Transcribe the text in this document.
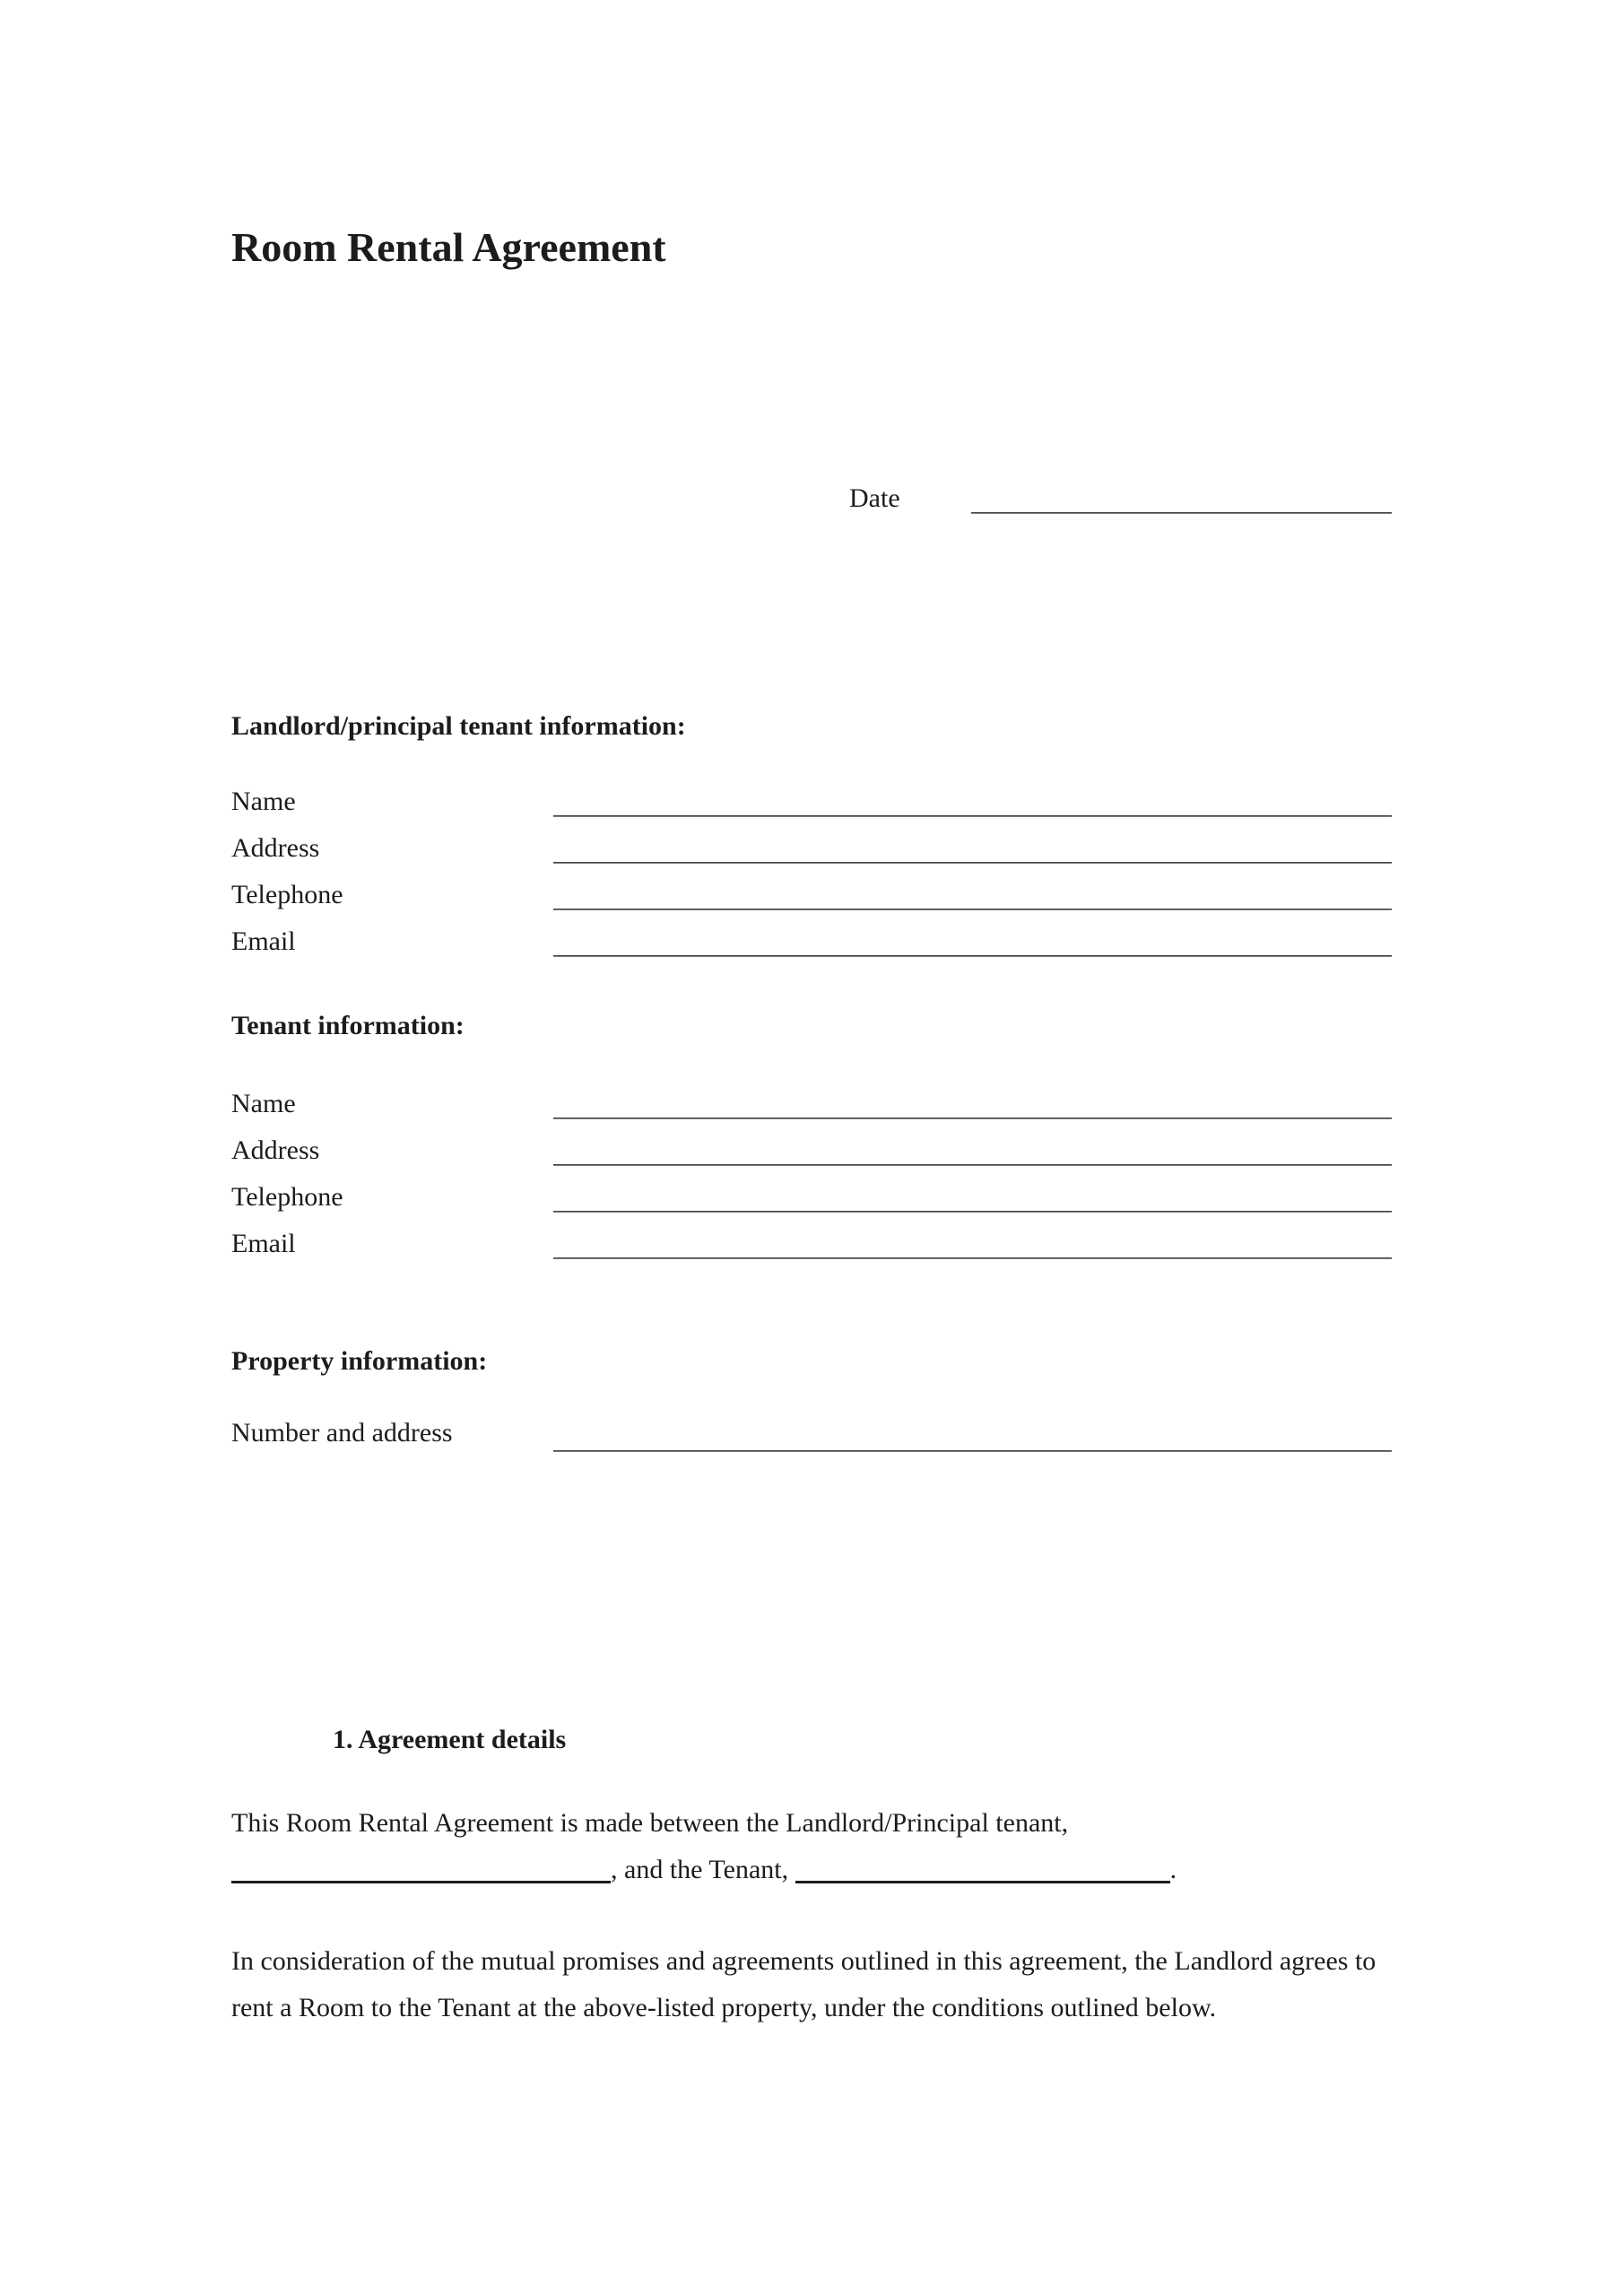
Room Rental Agreement
Date
Landlord/principal tenant information:
Name
Address
Telephone
Email
Tenant information:
Name
Address
Telephone
Email
Property information:
Number and address
1. Agreement details

This Room Rental Agreement is made between the Landlord/Principal tenant, , and the Tenant,	.

In consideration of the mutual promises and agreements outlined in this agreement, the Landlord agrees to rent a Room to the Tenant at the above-listed property, under the conditions outlined below.
